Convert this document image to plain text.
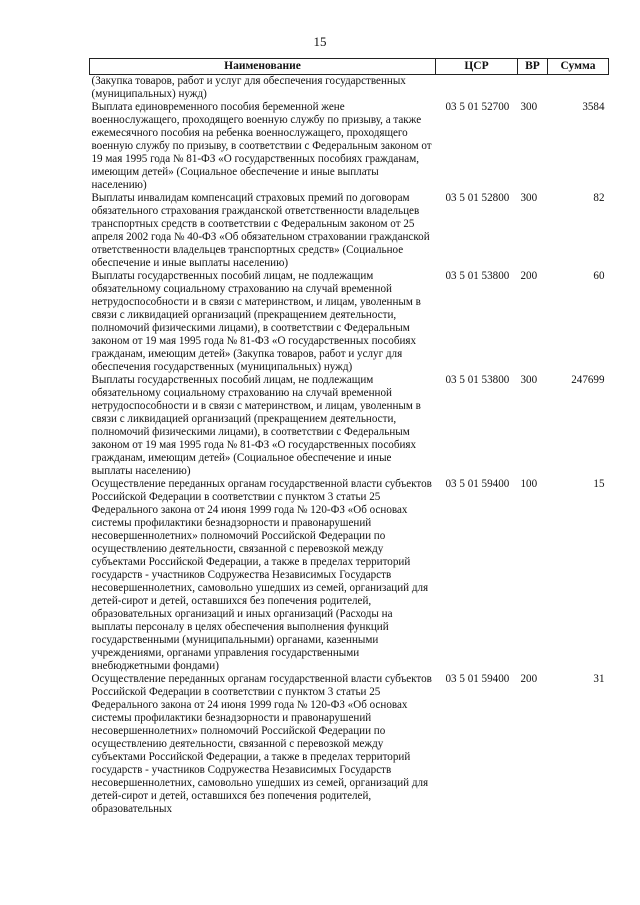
15
Наименование	ЦСР	ВР	Сумма
(Закупка товаров, работ и услуг для обеспечения государственных (муниципальных) нужд)			
Выплата единовременного пособия беременной жене военнослужащего, проходящего военную службу по призыву, а также ежемесячного пособия на ребенка военнослужащего, проходящего военную службу по призыву, в соответствии с Федеральным законом от 19 мая 1995 года № 81-ФЗ «О государственных пособиях гражданам, имеющим детей» (Социальное обеспечение и иные выплаты населению)	03 5 01 52700	300	3584
Выплаты инвалидам компенсаций страховых премий по договорам обязательного страхования гражданской ответственности владельцев транспортных средств в соответствии с Федеральным законом от 25 апреля 2002 года № 40-ФЗ «Об обязательном страховании гражданской ответственности владельцев транспортных средств» (Социальное обеспечение и иные выплаты населению)	03 5 01 52800	300	82
Выплаты государственных пособий лицам, не подлежащим обязательному социальному страхованию на случай временной нетрудоспособности и в связи с материнством, и лицам, уволенным в связи с ликвидацией организаций (прекращением деятельности, полномочий физическими лицами), в соответствии с Федеральным законом от 19 мая 1995 года № 81-ФЗ «О государственных пособиях гражданам, имеющим детей» (Закупка товаров, работ и услуг для обеспечения государственных (муниципальных) нужд)	03 5 01 53800	200	60
Выплаты государственных пособий лицам, не подлежащим обязательному социальному страхованию на случай временной нетрудоспособности и в связи с материнством, и лицам, уволенным в связи с ликвидацией организаций (прекращением деятельности, полномочий физическими лицами), в соответствии с Федеральным законом от 19 мая 1995 года № 81-ФЗ «О государственных пособиях гражданам, имеющим детей» (Социальное обеспечение и иные выплаты населению)	03 5 01 53800	300	247699
Осуществление переданных органам государственной власти субъектов Российской Федерации в соответствии с пунктом 3 статьи 25 Федерального закона от 24 июня 1999 года № 120-ФЗ «Об основах системы профилактики безнадзорности и правонарушений несовершеннолетних» полномочий Российской Федерации по осуществлению деятельности, связанной с перевозкой между субъектами Российской Федерации, а также в пределах территорий государств - участников Содружества Независимых Государств несовершеннолетних, самовольно ушедших из семей, организаций для детей-сирот и детей, оставшихся без попечения родителей, образовательных организаций и иных организаций (Расходы на выплаты персоналу в целях обеспечения выполнения функций государственными (муниципальными) органами, казенными учреждениями, органами управления государственными внебюджетными фондами)	03 5 01 59400	100	15
Осуществление переданных органам государственной власти субъектов Российской Федерации в соответствии с пунктом 3 статьи 25 Федерального закона от 24 июня 1999 года № 120-ФЗ «Об основах системы профилактики безнадзорности и правонарушений несовершеннолетних» полномочий Российской Федерации по осуществлению деятельности, связанной с перевозкой между субъектами Российской Федерации, а также в пределах территорий государств - участников Содружества Независимых Государств несовершеннолетних, самовольно ушедших из семей, организаций для детей-сирот и детей, оставшихся без попечения родителей, образовательных	03 5 01 59400	200	31
